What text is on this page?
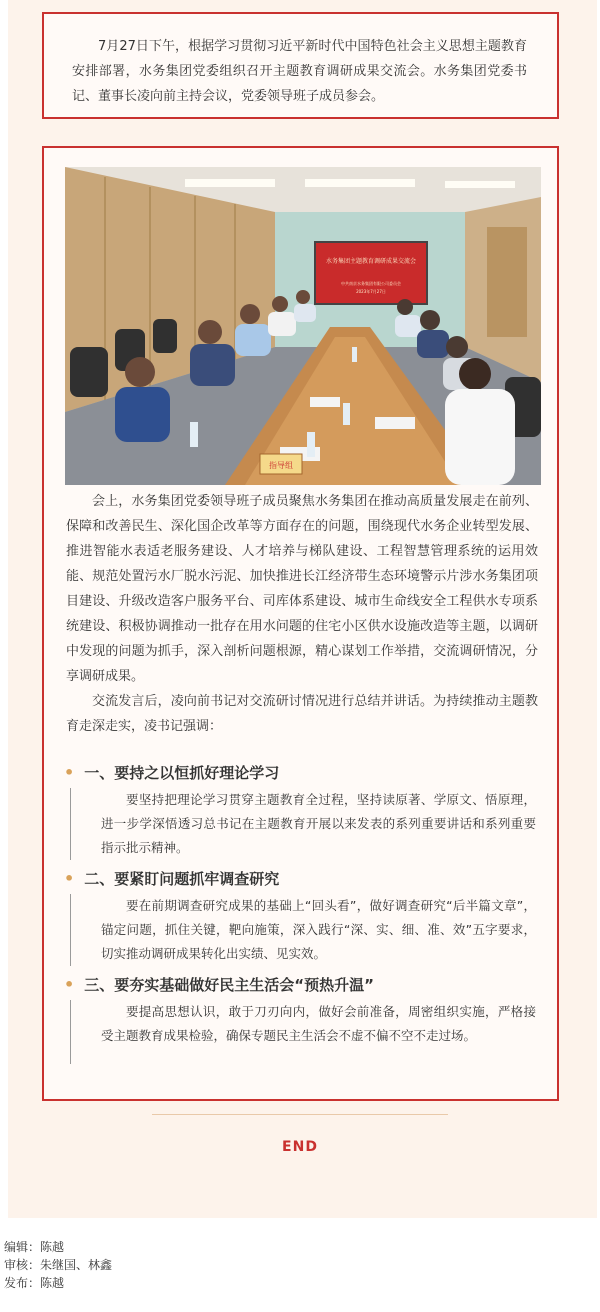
7月27日下午，根据学习贯彻习近平新时代中国特色社会主义思想主题教育安排部署，水务集团党委组织召开主题教育调研成果交流会。水务集团党委书记、董事长凌向前主持会议，党委领导班子成员参会。

水务集团主题教育调研成果交流会
中共南京水务集团有限公司委员会
2023年7月27日
指导组

会上，水务集团党委领导班子成员聚焦水务集团在推动高质量发展走在前列、保障和改善民生、深化国企改革等方面存在的问题，围绕现代水务企业转型发展、推进智能水表适老服务建设、人才培养与梯队建设、工程智慧管理系统的运用效能、规范处置污水厂脱水污泥、加快推进长江经济带生态环境警示片涉水务集团项目建设、升级改造客户服务平台、司库体系建设、城市生命线安全工程供水专项系统建设、积极协调推动一批存在用水问题的住宅小区供水设施改造等主题，以调研中发现的问题为抓手，深入剖析问题根源，精心谋划工作举措，交流调研情况，分享调研成果。

交流发言后，凌向前书记对交流研讨情况进行总结并讲话。为持续推动主题教育走深走实，凌书记强调：

• 一、要持之以恒抓好理论学习

要坚持把理论学习贯穿主题教育全过程，坚持读原著、学原文、悟原理，进一步学深悟透习总书记在主题教育开展以来发表的系列重要讲话和系列重要指示批示精神。

• 二、要紧盯问题抓牢调查研究

要在前期调查研究成果的基础上“回头看”，做好调查研究“后半篇文章”，锚定问题，抓住关键，靶向施策，深入践行“深、实、细、准、效”五字要求，切实推动调研成果转化出实绩、见实效。

• 三、要夯实基础做好民主生活会“预热升温”

要提高思想认识，敢于刀刃向内，做好会前准备，周密组织实施，严格接受主题教育成果检验，确保专题民主生活会不虚不偏不空不走过场。

END
编辑：陈越
审核：朱继国、林鑫
发布：陈越
